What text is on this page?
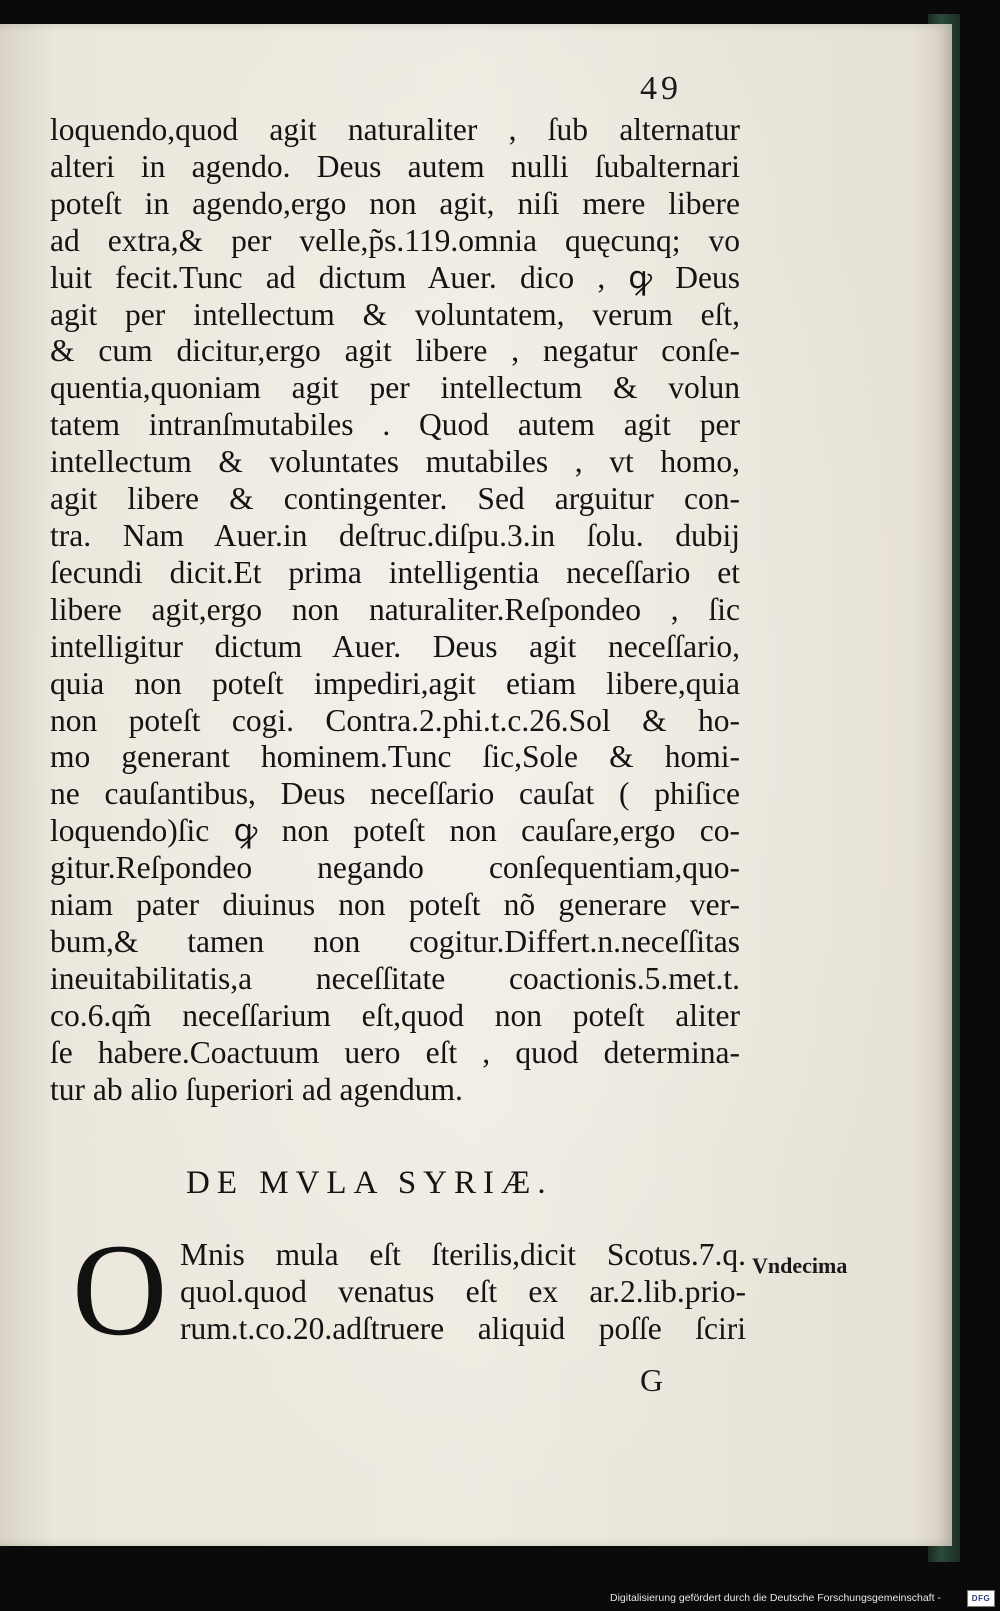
49
loquendo,quod agit naturaliter , ſub alternatur
alteri in agendo. Deus autem nulli ſubalternari
poteſt in agendo,ergo non agit, niſi mere libere
ad extra,& per velle,p̃s.119.omnia quęcunq; vo
luit fecit.Tunc ad dictum Auer. dico , ꝙ Deus
agit per intellectum & voluntatem, verum eſt,
& cum dicitur,ergo agit libere , negatur conſe-
quentia,quoniam agit per intellectum & volun
tatem intranſmutabiles . Quod autem agit per
intellectum & voluntates mutabiles , vt homo,
agit libere & contingenter. Sed arguitur con-
tra. Nam Auer.in deſtruc.diſpu.3.in ſolu. dubij
ſecundi dicit.Et prima intelligentia neceſſario et
libere agit,ergo non naturaliter.Reſpondeo , ſic
intelligitur dictum Auer. Deus agit neceſſario,
quia non poteſt impediri,agit etiam libere,quia
non poteſt cogi. Contra.2.phi.t.c.26.Sol & ho-
mo generant hominem.Tunc ſic,Sole & homi-
ne cauſantibus, Deus neceſſario cauſat ( phiſice
loquendo)ſic ꝙ non poteſt non cauſare,ergo co-
gitur.Reſpondeo negando conſequentiam,quo-
niam pater diuinus non poteſt nõ generare ver-
bum,& tamen non cogitur.Differt.n.neceſſitas
ineuitabilitatis,a neceſſitate coactionis.5.met.t.
co.6.qm̃ neceſſarium eſt,quod non poteſt aliter
ſe habere.Coactuum uero eſt , quod determina-
tur ab alio ſuperiori ad agendum.
DE MVLA SYRIÆ.
O Mnis mula eſt ſterilis,dicit Scotus.7.q.
quol.quod venatus eſt ex ar.2.lib.prio-
rum.t.co.20.adſtruere aliquid poſſe ſciri
Vndecima
G
Digitalisierung gefördert durch die Deutsche Forschungsgemeinschaft -	DFG
